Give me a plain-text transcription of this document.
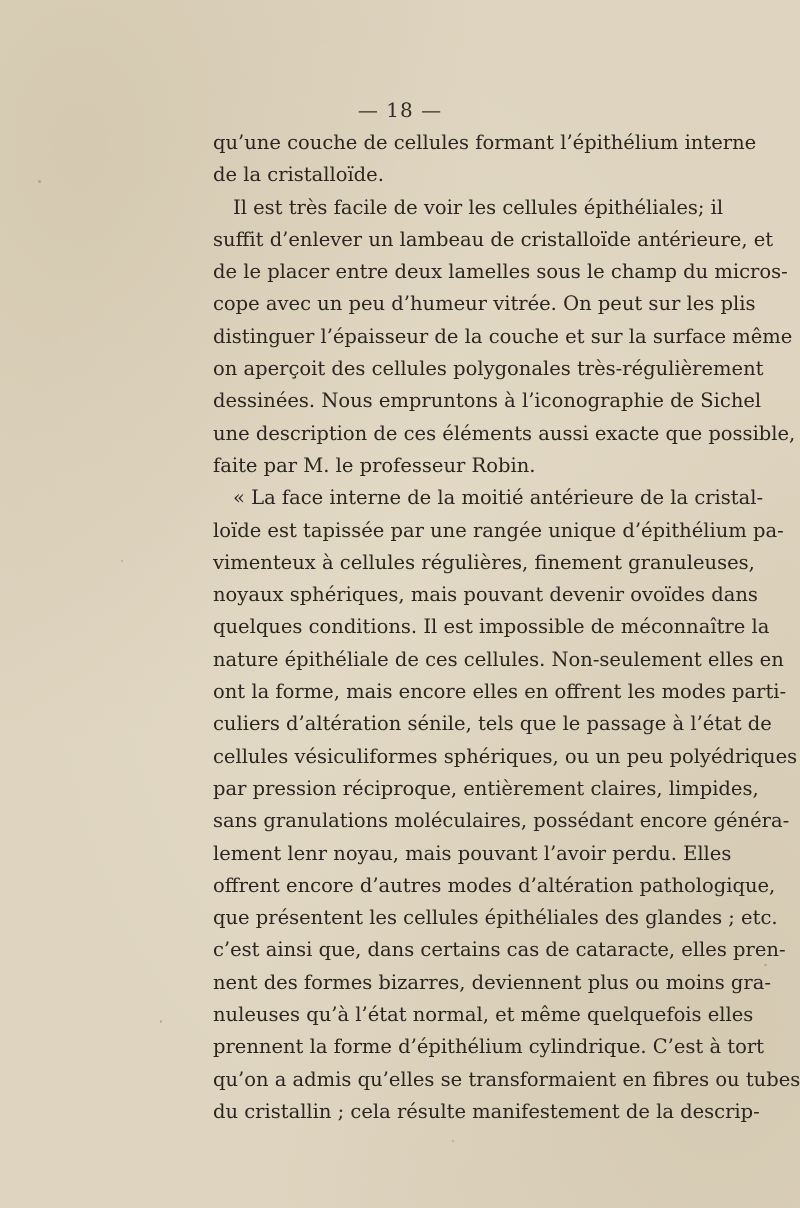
— 18 —
qu’une couche de cellules formant l’épithélium interne
de la cristalloïde.
Il est très facile de voir les cellules épithéliales; il
suffit d’enlever un lambeau de cristalloïde antérieure, et
de le placer entre deux lamelles sous le champ du micros-
cope avec un peu d’humeur vitrée. On peut sur les plis
distinguer l’épaisseur de la couche et sur la surface même
on aperçoit des cellules polygonales très-régulièrement
dessinées. Nous empruntons à l’iconographie de Sichel
une description de ces éléments aussi exacte que possible,
faite par M. le professeur Robin.
« La face interne de la moitié antérieure de la cristal-
loïde est tapissée par une rangée unique d’épithélium pa-
vimenteux à cellules régulières, finement granuleuses,
noyaux sphériques, mais pouvant devenir ovoïdes dans
quelques conditions. Il est impossible de méconnaître la
nature épithéliale de ces cellules. Non-seulement elles en
ont la forme, mais encore elles en offrent les modes parti-
culiers d’altération sénile, tels que le passage à l’état de
cellules vésiculiformes sphériques, ou un peu polyédriques
par pression réciproque, entièrement claires, limpides,
sans granulations moléculaires, possédant encore généra-
lement lenr noyau, mais pouvant l’avoir perdu. Elles
offrent encore d’autres modes d’altération pathologique,
que présentent les cellules épithéliales des glandes ; etc.
c’est ainsi que, dans certains cas de cataracte, elles pren-
nent des formes bizarres, deviennent plus ou moins gra-
nuleuses qu’à l’état normal, et même quelquefois elles
prennent la forme d’épithélium cylindrique. C’est à tort
qu’on a admis qu’elles se transformaient en fibres ou tubes
du cristallin ; cela résulte manifestement de la descrip-
